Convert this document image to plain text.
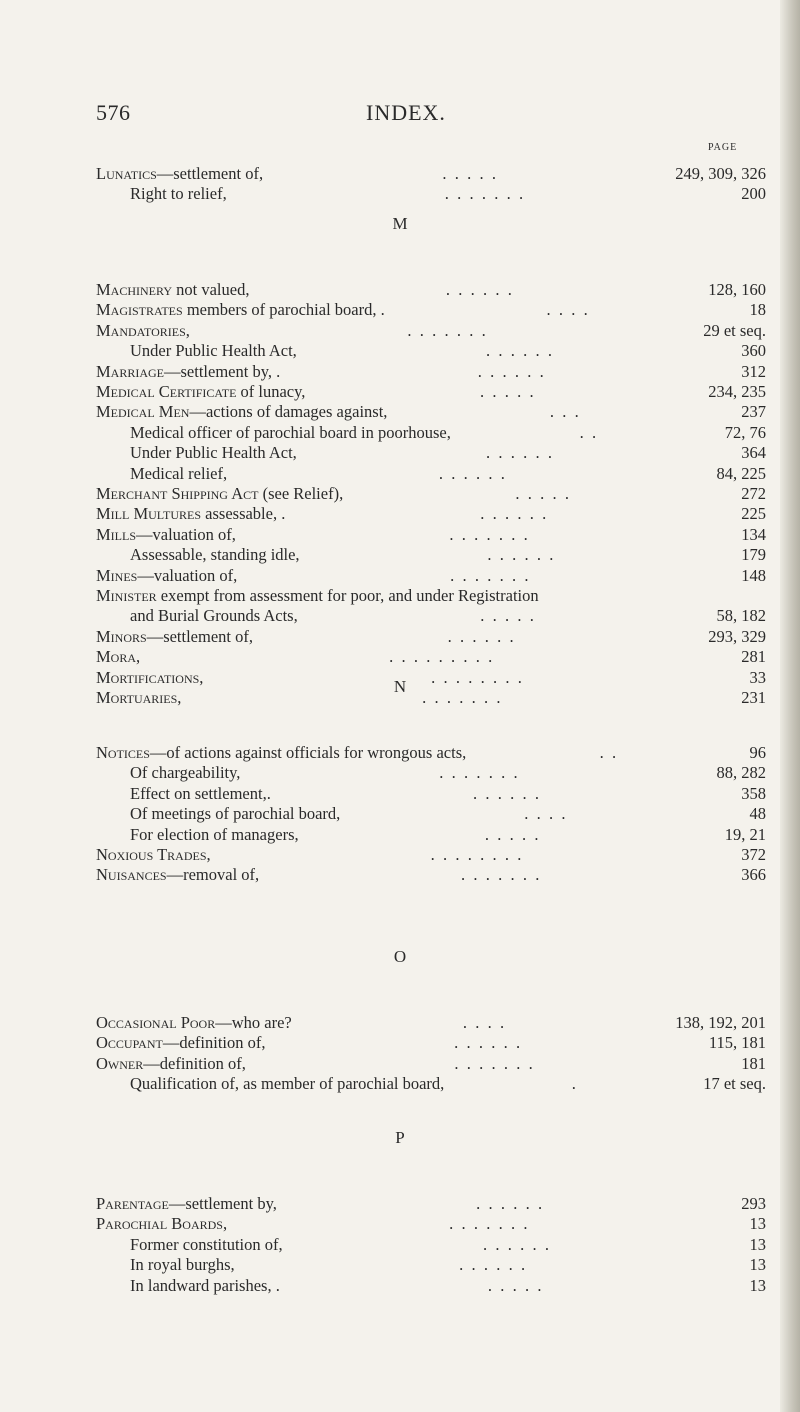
576	INDEX.
PAGE
Lunatics—settlement of,	249, 309, 326
.  .  .  .  .
Right to relief,	200
.  .  .  .  .  .  .
M
Machinery not valued,	128, 160
.  .  .  .  .  .
Magistrates members of parochial board, .	18
.  .  .  .
Mandatories,	29 et seq.
.  .  .  .  .  .  .
Under Public Health Act,	360
.  .  .  .  .  .
Marriage—settlement by, .	312
.  .  .  .  .  .
Medical Certificate of lunacy,	234, 235
.  .  .  .  .
Medical Men—actions of damages against,	237
.  .  .
Medical officer of parochial board in poorhouse,	72, 76
.  .
Under Public Health Act,	364
.  .  .  .  .  .
Medical relief,	84, 225
.  .  .  .  .  .
Merchant Shipping Act (see Relief),	272
.  .  .  .  .
Mill Multures assessable, .	225
.  .  .  .  .  .
Mills—valuation of,	134
.  .  .  .  .  .  .
Assessable, standing idle,	179
.  .  .  .  .  .
Mines—valuation of,	148
.  .  .  .  .  .  .
Minister exempt from assessment for poor, and under Registration
and Burial Grounds Acts,	58, 182
.  .  .  .  .
Minors—settlement of,	293, 329
.  .  .  .  .  .
Mora,	281
.  .  .  .  .  .  .  .  .
Mortifications,	33
.  .  .  .  .  .  .  .
Mortuaries,	231
.  .  .  .  .  .  .
N
Notices—of actions against officials for wrongous acts,	96
.  .
Of chargeability,	88, 282
.  .  .  .  .  .  .
Effect on settlement,.	358
.  .  .  .  .  .
Of meetings of parochial board,	48
.  .  .  .
For election of managers,	19, 21
.  .  .  .  .
Noxious Trades,	372
.  .  .  .  .  .  .  .
Nuisances—removal of,	366
.  .  .  .  .  .  .
O
Occasional Poor—who are?	138, 192, 201
.  .  .  .
Occupant—definition of,	115, 181
.  .  .  .  .  .
Owner—definition of,	181
.  .  .  .  .  .  .
Qualification of, as member of parochial board,	17 et seq.
.
P
Parentage—settlement by,	293
.  .  .  .  .  .
Parochial Boards,	13
.  .  .  .  .  .  .
Former constitution of,	13
.  .  .  .  .  .
In royal burghs,	13
.  .  .  .  .  .
In landward parishes, .	13
.  .  .  .  .
